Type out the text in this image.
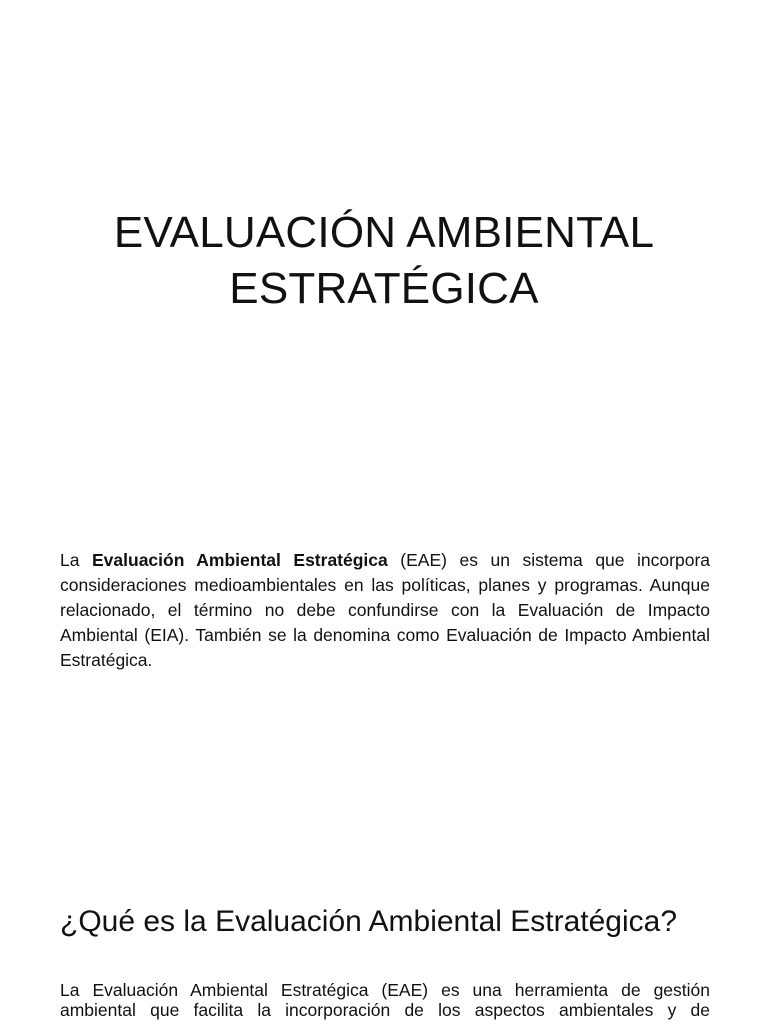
EVALUACIÓN AMBIENTAL
ESTRATÉGICA

La Evaluación Ambiental Estratégica (EAE) es un sistema que incorpora consideraciones medioambientales en las políticas, planes y programas. Aunque relacionado, el término no debe confundirse con la Evaluación de Impacto Ambiental (EIA). También se la denomina como Evaluación de Impacto Ambiental Estratégica.

¿Qué es la Evaluación Ambiental Estratégica?

La Evaluación Ambiental Estratégica (EAE) es una herramienta de gestión ambiental que facilita la incorporación de los aspectos ambientales y de
